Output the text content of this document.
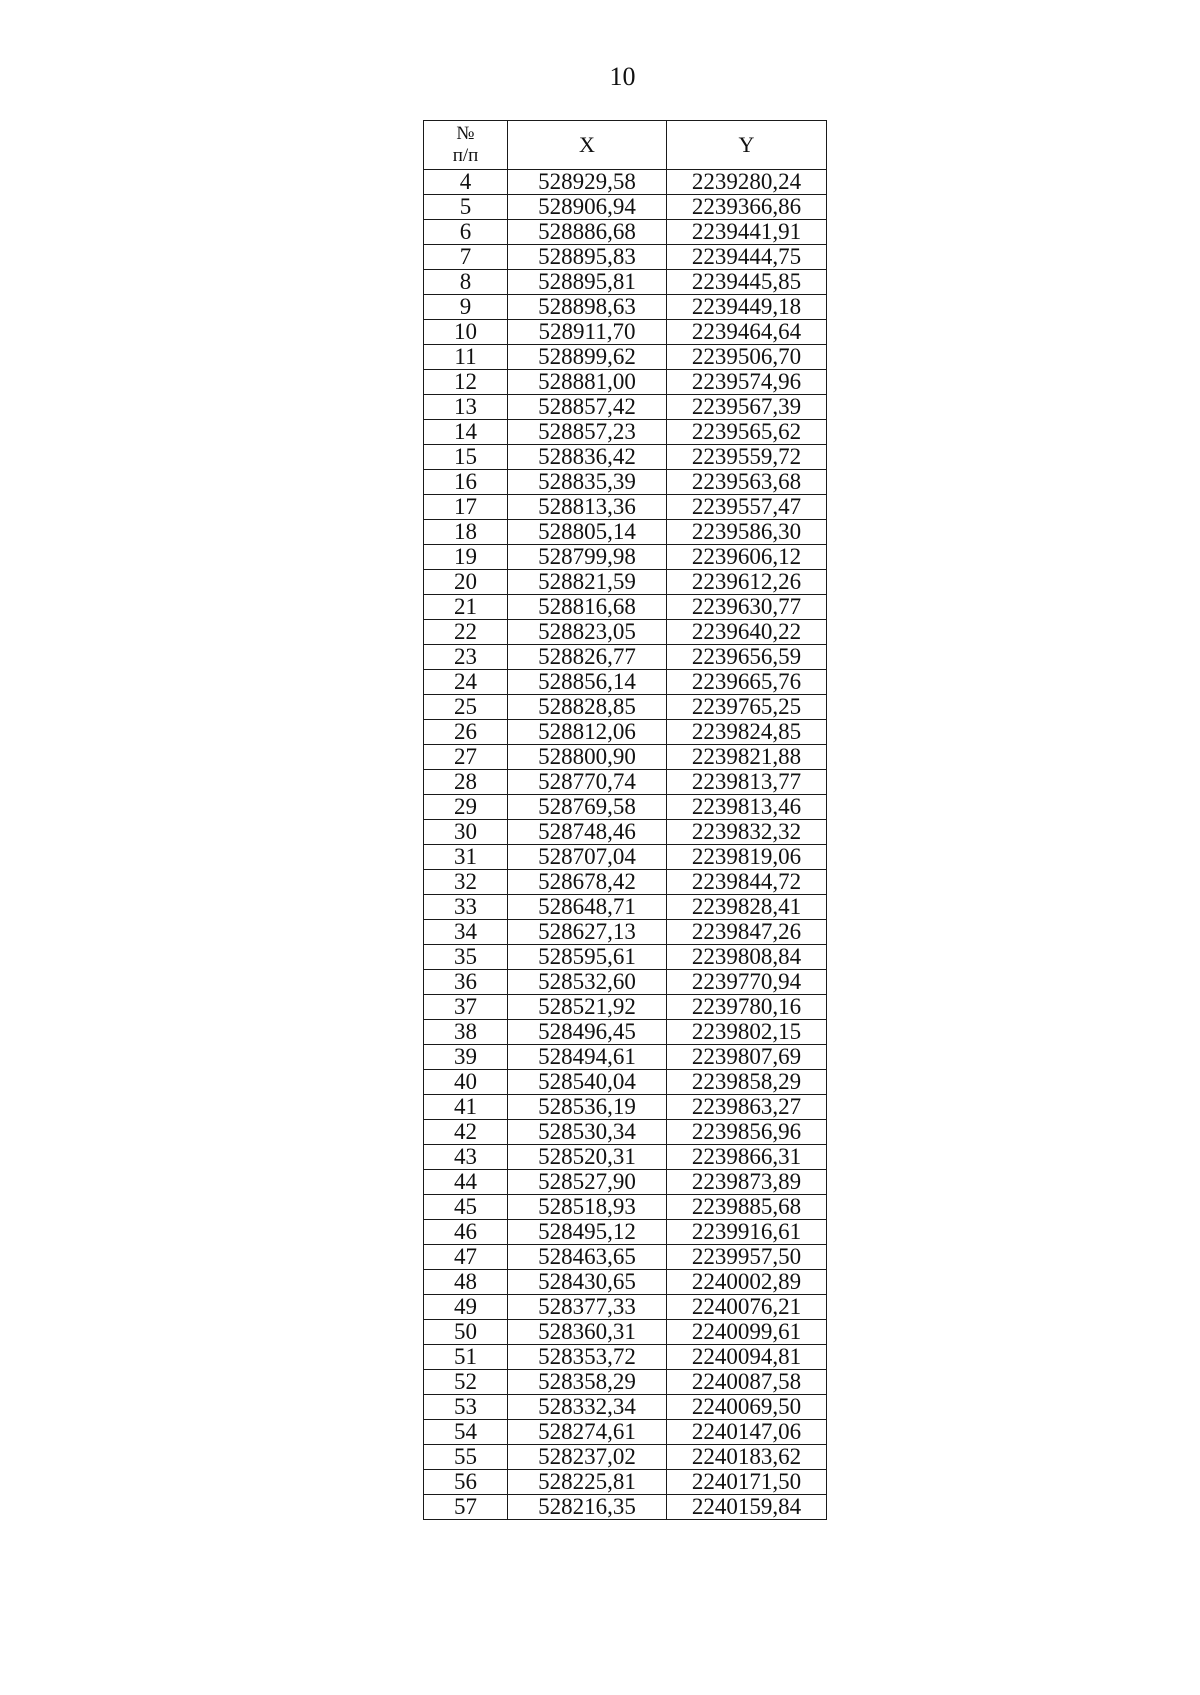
10
№
п/п	X	Y
4	528929,58	2239280,24
5	528906,94	2239366,86
6	528886,68	2239441,91
7	528895,83	2239444,75
8	528895,81	2239445,85
9	528898,63	2239449,18
10	528911,70	2239464,64
11	528899,62	2239506,70
12	528881,00	2239574,96
13	528857,42	2239567,39
14	528857,23	2239565,62
15	528836,42	2239559,72
16	528835,39	2239563,68
17	528813,36	2239557,47
18	528805,14	2239586,30
19	528799,98	2239606,12
20	528821,59	2239612,26
21	528816,68	2239630,77
22	528823,05	2239640,22
23	528826,77	2239656,59
24	528856,14	2239665,76
25	528828,85	2239765,25
26	528812,06	2239824,85
27	528800,90	2239821,88
28	528770,74	2239813,77
29	528769,58	2239813,46
30	528748,46	2239832,32
31	528707,04	2239819,06
32	528678,42	2239844,72
33	528648,71	2239828,41
34	528627,13	2239847,26
35	528595,61	2239808,84
36	528532,60	2239770,94
37	528521,92	2239780,16
38	528496,45	2239802,15
39	528494,61	2239807,69
40	528540,04	2239858,29
41	528536,19	2239863,27
42	528530,34	2239856,96
43	528520,31	2239866,31
44	528527,90	2239873,89
45	528518,93	2239885,68
46	528495,12	2239916,61
47	528463,65	2239957,50
48	528430,65	2240002,89
49	528377,33	2240076,21
50	528360,31	2240099,61
51	528353,72	2240094,81
52	528358,29	2240087,58
53	528332,34	2240069,50
54	528274,61	2240147,06
55	528237,02	2240183,62
56	528225,81	2240171,50
57	528216,35	2240159,84
